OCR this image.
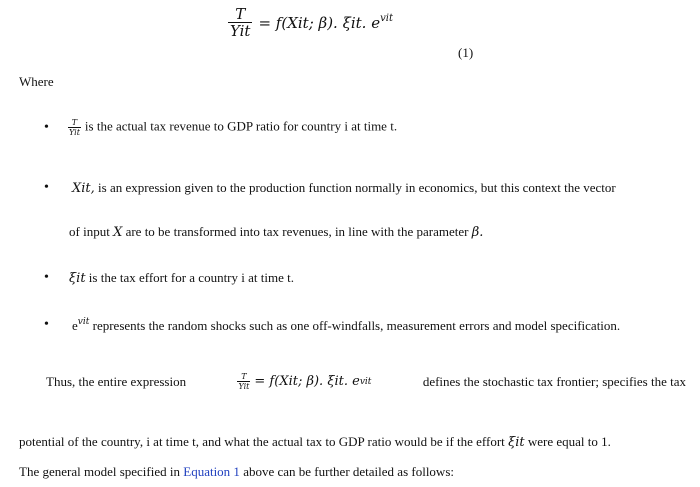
$\frac{T}{\text{Yit}} = f(Xit$; β). ξit. $e^{vit}$
(1)
Where
• $\frac{T}{\text{Yit}}$ is the actual tax revenue to GDP ratio for country i at time t.
• Xit, is an expression given to the production function normally in economics, but this context the vector
of input X are to be transformed into tax revenues, in line with the parameter β.
• ξit is the tax effort for a country i at time t.
• $e^{vit}$ represents the random shocks such as one off-windfalls, measurement errors and model specification.
Thus, the entire expression	$\frac{T}{\text{Yit}} = f(Xit$; β). ξit. e vit	defines the stochastic tax frontier; specifies the tax
potential of the country, i at time t, and what the actual tax to GDP ratio would be if the effort ξit were equal to 1.
The general model specified in Equation 1 above can be further detailed as follows:
